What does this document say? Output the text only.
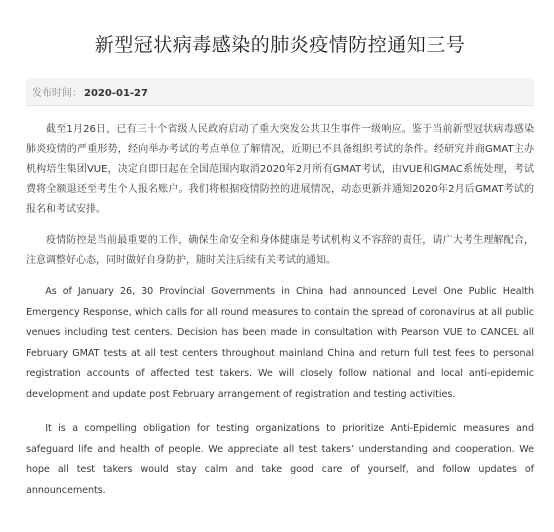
新型冠状病毒感染的肺炎疫情防控通知三号
发布时间： 2020-01-27

截至1月26日，已有三十个省级人民政府启动了重大突发公共卫生事件一级响应。鉴于当前新型冠状病毒感染肺炎疫情的严重形势，经向举办考试的考点单位了解情况，近期已不具备组织考试的条件。经研究并商GMAT主办机构培生集团VUE，决定自即日起在全国范围内取消2020年2月所有GMAT考试，由VUE和GMAC系统处理，考试费将全额退还至考生个人报名账户。我们将根据疫情防控的进展情况，动态更新并通知2020年2月后GMAT考试的报名和考试安排。

疫情防控是当前最重要的工作，确保生命安全和身体健康是考试机构义不容辞的责任，请广大考生理解配合，注意调整好心态，同时做好自身防护，随时关注后续有关考试的通知。

As of January 26, 30 Provincial Governments in China had announced Level One Public Health Emergency Response, which calls for all round measures to contain the spread of coronavirus at all public venues including test centers. Decision has been made in consultation with Pearson VUE to CANCEL all February GMAT tests at all test centers throughout mainland China and return full test fees to personal registration accounts of affected test takers. We will closely follow national and local anti-epidemic development and update post February arrangement of registration and testing activities.

It is a compelling obligation for testing organizations to prioritize Anti-Epidemic measures and safeguard life and health of people. We appreciate all test takers’ understanding and cooperation. We hope all test takers would stay calm and take good care of yourself, and follow updates of announcements.
